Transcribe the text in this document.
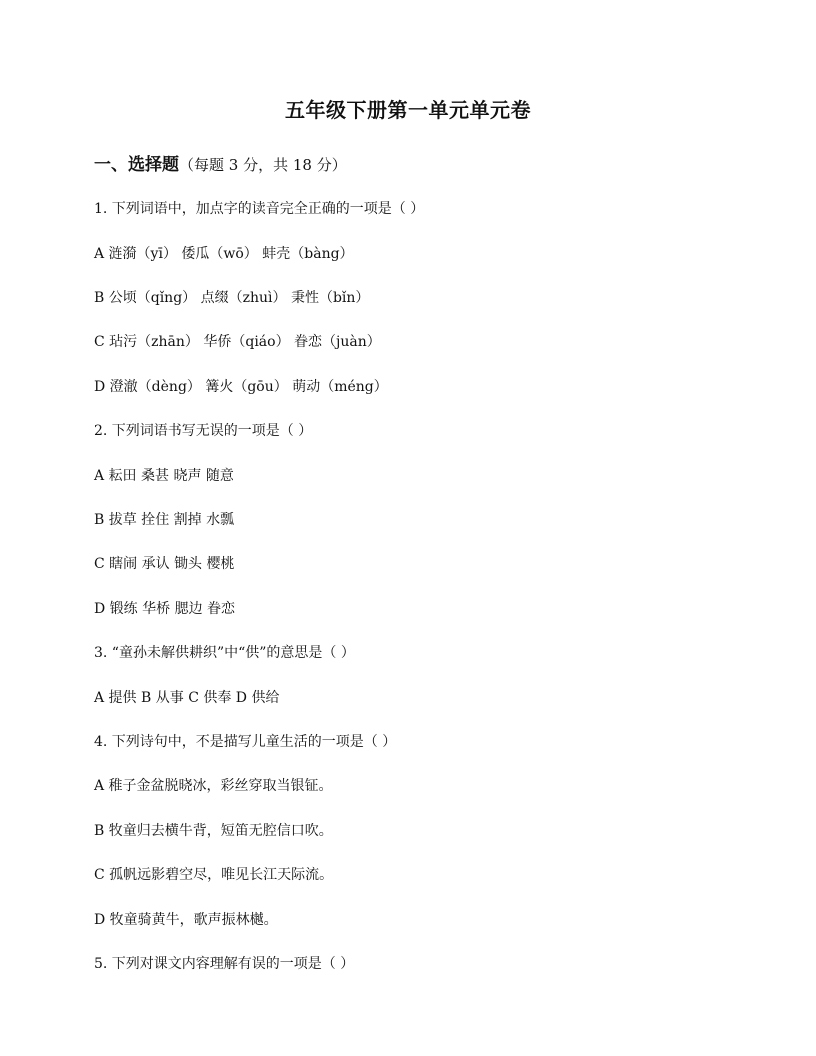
五年级下册第一单元单元卷
一、选择题（每题 3 分，共 18 分）
1. 下列词语中，加点字的读音完全正确的一项是（ ）
A 涟漪（yī） 倭瓜（wō） 蚌壳（bàng）
B 公顷（qǐng） 点缀（zhuì） 秉性（bǐn）
C 玷污（zhān） 华侨（qiáo） 眷恋（juàn）
D 澄澈（dèng） 篝火（gōu） 萌动（méng）
2. 下列词语书写无误的一项是（ ）
A 耘田 桑甚 晓声 随意
B 拔草 拴住 割掉 水瓢
C 瞎闹 承认 锄头 樱桃
D 锻练 华桥 腮边 眷恋
3. “童孙未解供耕织”中“供”的意思是（ ）
A 提供 B 从事 C 供奉 D 供给
4. 下列诗句中，不是描写儿童生活的一项是（ ）
A 稚子金盆脱晓冰，彩丝穿取当银钲。
B 牧童归去横牛背，短笛无腔信口吹。
C 孤帆远影碧空尽，唯见长江天际流。
D 牧童骑黄牛，歌声振林樾。
5. 下列对课文内容理解有误的一项是（ ）
